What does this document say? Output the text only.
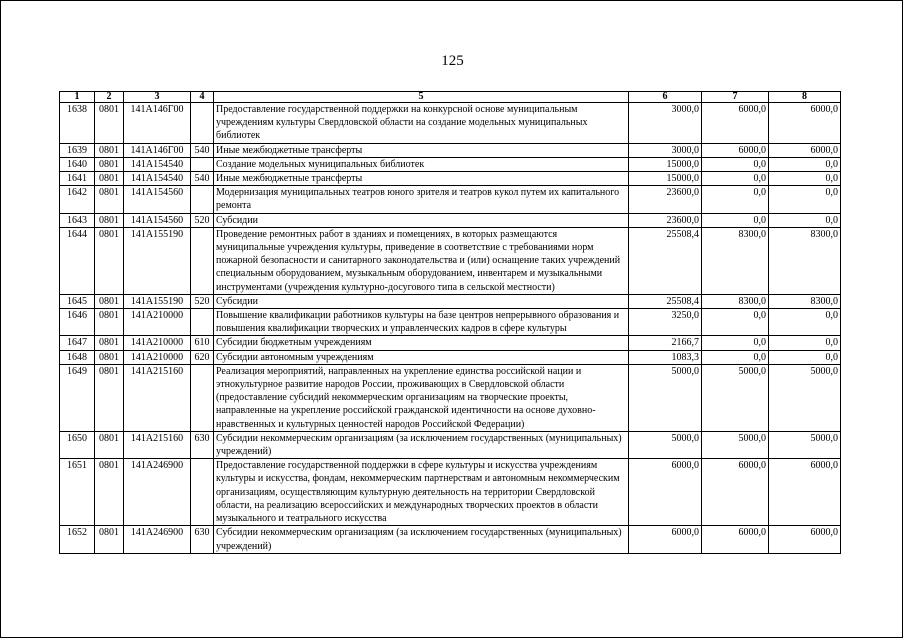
125
1	2	3	4	5	6	7	8
1638	0801	141A146Г00		Предоставление государственной поддержки на конкурсной основе муниципальным учреждениям культуры Свердловской области на создание модельных муниципальных библиотек	3000,0	6000,0	6000,0
1639	0801	141A146Г00	540	Иные межбюджетные трансферты	3000,0	6000,0	6000,0
1640	0801	141A154540		Создание модельных муниципальных библиотек	15000,0	0,0	0,0
1641	0801	141A154540	540	Иные межбюджетные трансферты	15000,0	0,0	0,0
1642	0801	141A154560		Модернизация муниципальных театров юного зрителя и театров кукол путем их капитального ремонта	23600,0	0,0	0,0
1643	0801	141A154560	520	Субсидии	23600,0	0,0	0,0
1644	0801	141A155190		Проведение ремонтных работ в зданиях и помещениях, в которых размещаются муниципальные учреждения культуры, приведение в соответствие с требованиями норм пожарной безопасности и санитарного законодательства и (или) оснащение таких учреждений специальным оборудованием, музыкальным оборудованием, инвентарем и музыкальными инструментами (учреждения культурно-досугового типа в сельской местности)	25508,4	8300,0	8300,0
1645	0801	141A155190	520	Субсидии	25508,4	8300,0	8300,0
1646	0801	141A210000		Повышение квалификации работников культуры на базе центров непрерывного образования и повышения квалификации творческих и управленческих кадров в сфере культуры	3250,0	0,0	0,0
1647	0801	141A210000	610	Субсидии бюджетным учреждениям	2166,7	0,0	0,0
1648	0801	141A210000	620	Субсидии автономным учреждениям	1083,3	0,0	0,0
1649	0801	141A215160		Реализация мероприятий, направленных на укрепление единства российской нации и этнокультурное развитие народов России, проживающих в Свердловской области (предоставление субсидий некоммерческим организациям на творческие проекты, направленные на укрепление российской гражданской идентичности на основе духовно-нравственных и культурных ценностей народов Российской Федерации)	5000,0	5000,0	5000,0
1650	0801	141A215160	630	Субсидии некоммерческим организациям (за исключением государственных (муниципальных) учреждений)	5000,0	5000,0	5000,0
1651	0801	141A246900		Предоставление государственной поддержки в сфере культуры и искусства учреждениям культуры и искусства, фондам, некоммерческим партнерствам и автономным некоммерческим организациям, осуществляющим культурную деятельность на территории Свердловской области, на реализацию всероссийских и международных творческих проектов в области музыкального и театрального искусства	6000,0	6000,0	6000,0
1652	0801	141A246900	630	Субсидии некоммерческим организациям (за исключением государственных (муниципальных) учреждений)	6000,0	6000,0	6000,0
